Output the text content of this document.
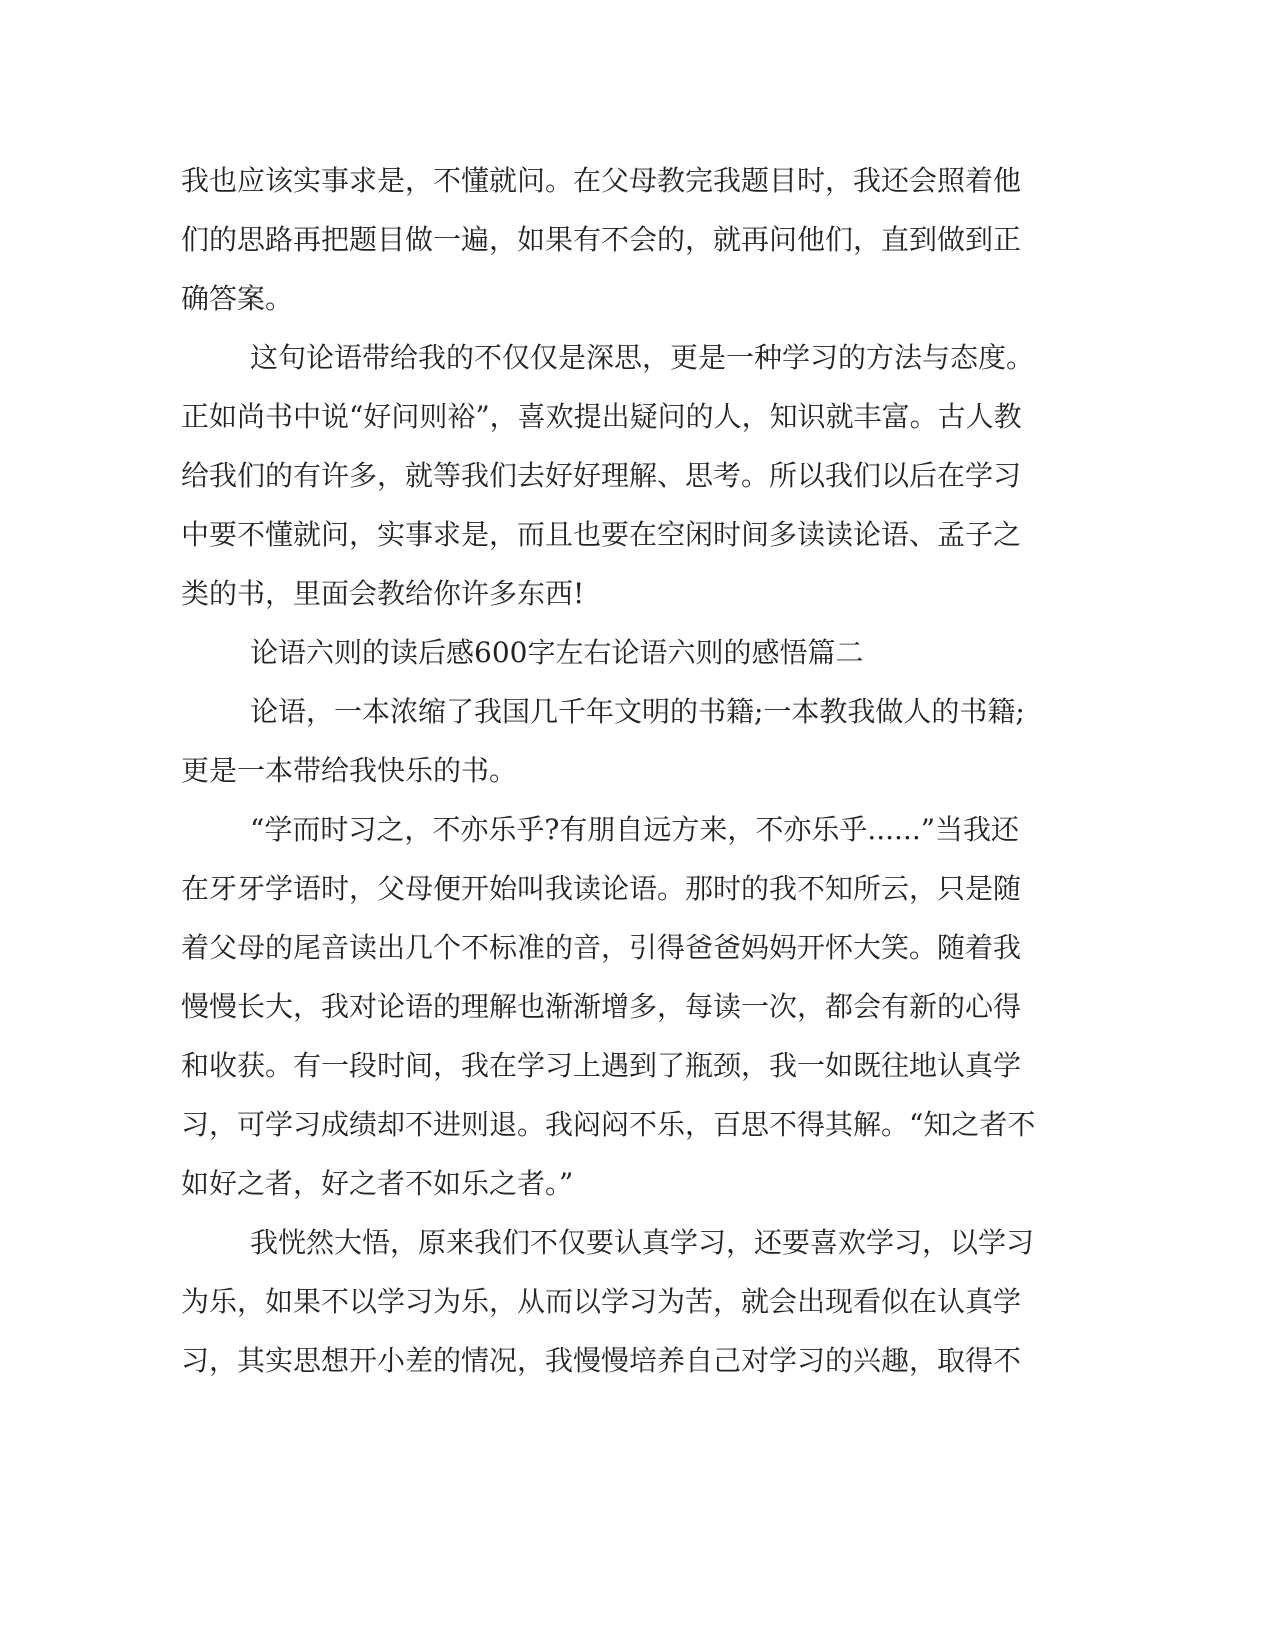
我也应该实事求是，不懂就问。在父母教完我题目时，我还会照着他
们的思路再把题目做一遍，如果有不会的，就再问他们，直到做到正
确答案。
这句论语带给我的不仅仅是深思，更是一种学习的方法与态度。
正如尚书中说“好问则裕”，喜欢提出疑问的人，知识就丰富。古人教
给我们的有许多，就等我们去好好理解、思考。所以我们以后在学习
中要不懂就问，实事求是，而且也要在空闲时间多读读论语、孟子之
类的书，里面会教给你许多东西!
论语六则的读后感600字左右论语六则的感悟篇二
论语，一本浓缩了我国几千年文明的书籍;一本教我做人的书籍;
更是一本带给我快乐的书。
“学而时习之，不亦乐乎?有朋自远方来，不亦乐乎......”当我还
在牙牙学语时，父母便开始叫我读论语。那时的我不知所云，只是随
着父母的尾音读出几个不标准的音，引得爸爸妈妈开怀大笑。随着我
慢慢长大，我对论语的理解也渐渐增多，每读一次，都会有新的心得
和收获。有一段时间，我在学习上遇到了瓶颈，我一如既往地认真学
习，可学习成绩却不进则退。我闷闷不乐，百思不得其解。“知之者不
如好之者，好之者不如乐之者。”
我恍然大悟，原来我们不仅要认真学习，还要喜欢学习，以学习
为乐，如果不以学习为乐，从而以学习为苦，就会出现看似在认真学
习，其实思想开小差的情况，我慢慢培养自己对学习的兴趣，取得不
